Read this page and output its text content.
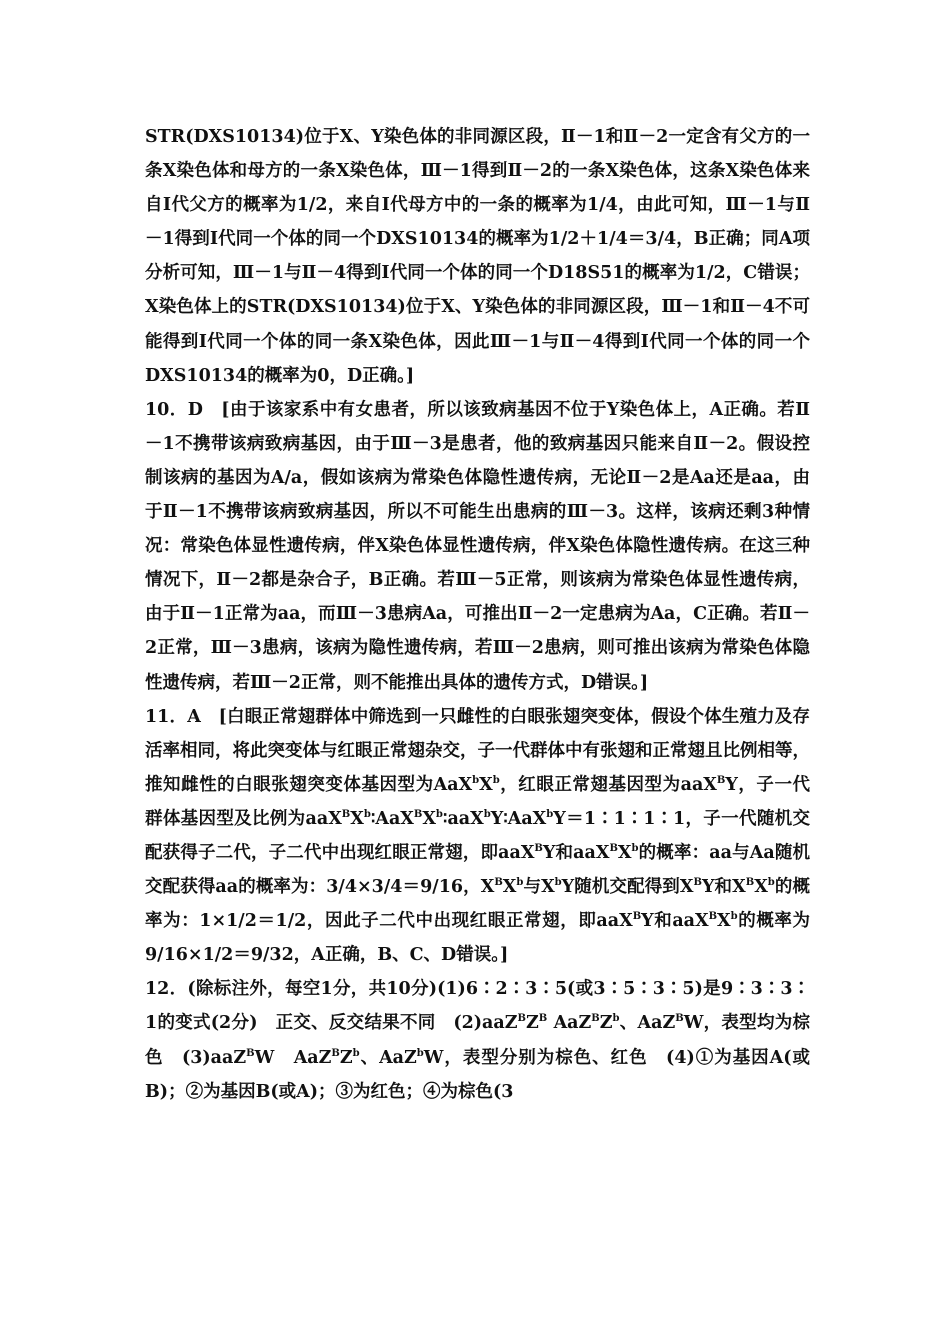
STR(DXS10134)位于X、Y染色体的非同源区段，Ⅱ－1和Ⅱ－2一定含有父方的一条X染色体和母方的一条X染色体，Ⅲ－1得到Ⅱ－2的一条X染色体，这条X染色体来自Ⅰ代父方的概率为1/2，来自Ⅰ代母方中的一条的概率为1/4，由此可知，Ⅲ－1与Ⅱ－1得到Ⅰ代同一个体的同一个DXS10134的概率为1/2＋1/4＝3/4，B正确；同A项分析可知，Ⅲ－1与Ⅱ－4得到Ⅰ代同一个体的同一个D18S51的概率为1/2，C错误；X染色体上的STR(DXS10134)位于X、Y染色体的非同源区段，Ⅲ－1和Ⅱ－4不可能得到Ⅰ代同一个体的同一条X染色体，因此Ⅲ－1与Ⅱ－4得到Ⅰ代同一个体的同一个DXS10134的概率为0，D正确。]

10．D　[由于该家系中有女患者，所以该致病基因不位于Y染色体上，A正确。若Ⅱ－1不携带该病致病基因，由于Ⅲ－3是患者，他的致病基因只能来自Ⅱ－2。假设控制该病的基因为A/a，假如该病为常染色体隐性遗传病，无论Ⅱ－2是Aa还是aa，由于Ⅱ－1不携带该病致病基因，所以不可能生出患病的Ⅲ－3。这样，该病还剩3种情况：常染色体显性遗传病，伴X染色体显性遗传病，伴X染色体隐性遗传病。在这三种情况下，Ⅱ－2都是杂合子，B正确。若Ⅲ－5正常，则该病为常染色体显性遗传病，由于Ⅱ－1正常为aa，而Ⅲ－3患病Aa，可推出Ⅱ－2一定患病为Aa，C正确。若Ⅱ－2正常，Ⅲ－3患病，该病为隐性遗传病，若Ⅲ－2患病，则可推出该病为常染色体隐性遗传病，若Ⅲ－2正常，则不能推出具体的遗传方式，D错误。]

11．A　[白眼正常翅群体中筛选到一只雌性的白眼张翅突变体，假设个体生殖力及存活率相同，将此突变体与红眼正常翅杂交，子一代群体中有张翅和正常翅且比例相等，推知雌性的白眼张翅突变体基因型为$AaX^bX^b$，红眼正常翅基因型为aaX$^B$Y，子一代群体基因型及比例为$aaX^BX^b∶AaX^BX^b∶aaX^bY∶AaX^bY=1∶1∶1∶1$，子一代随机交配获得子二代，子二代中出现红眼正常翅，即aaX$^B$Y和$aaX^BX^b$的概率：aa与Aa随机交配获得aa的概率为：3/4×3/4＝9/16，$X^BX^b$与$X^bY$随机交配得到$X^BY$和$X^BX^b$的概率为：1×1/2＝1/2，因此子二代中出现红眼正常翅，即aaX$^B$Y和$aaX^BX^b$的概率为9/16×1/2＝9/32，A正确，B、C、D错误。]

12．(除标注外，每空1分，共10分)(1)6∶2∶3∶5(或3∶5∶3∶5)是9∶3∶3∶1的变式(2分)　正交、反交结果不同　$(2)aaZ^BZ^B$ $AaZ^BZ^b$、AaZ$^B$W，表型均为棕色　(3)aaZ$^B$W　$AaZ^BZ^b$、AaZ$^b$W，表型分别为棕色、红色　(4)①为基因A(或B)；②为基因B(或A)；③为红色；④为棕色(3
